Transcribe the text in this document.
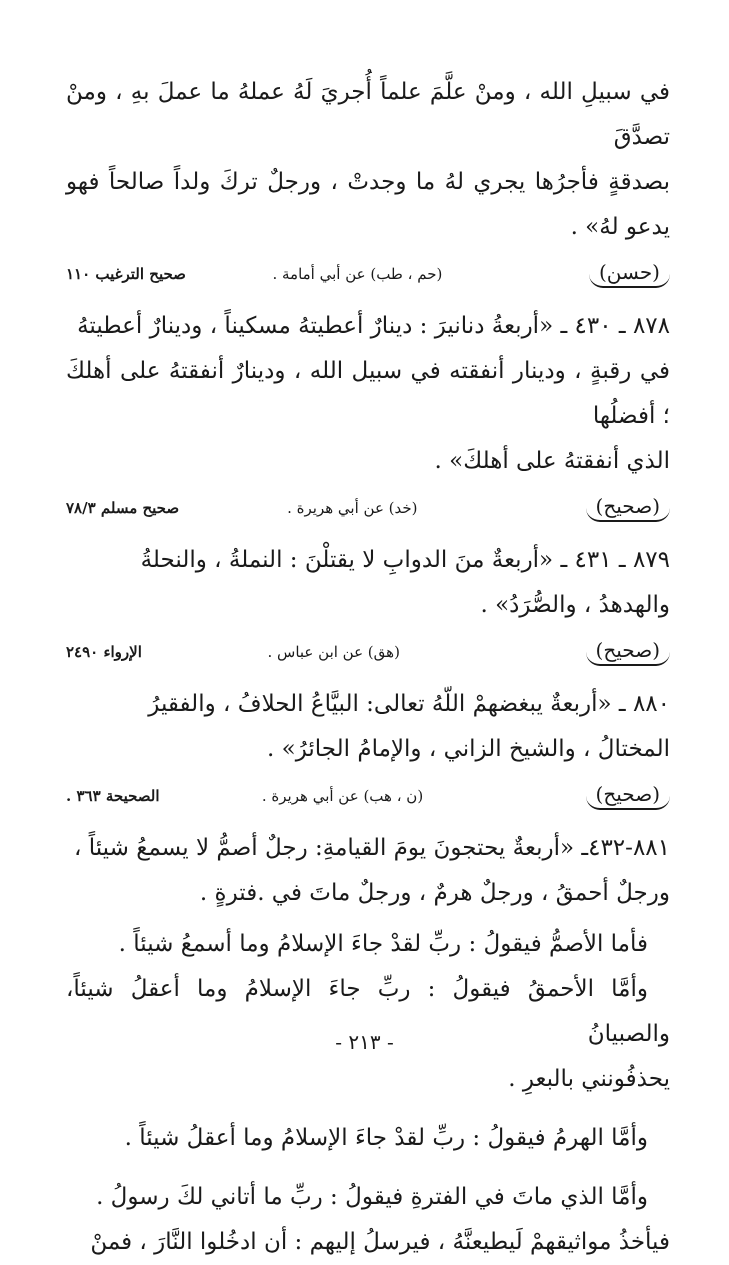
في سبيلِ الله ، ومنْ علَّمَ علماً أُجريَ لَهُ عملهُ ما عملَ بهِ ، ومنْ تصدَّقَ

بصدقةٍ فأجرُها يجري لهُ ما وجدتْ ، ورجلٌ تركَ ولداً صالحاً فهو يدعو لهُ» .

(حسن)
(حم ، طب) عن أبي أمامة .
صحيح الترغيب ١١٠

٨٧٨ ـ ٤٣٠ ـ «أربعةُ دنانيرَ : دينارٌ أعطيتهُ مسكيناً ، ودينارٌ أعطيتهُ

في رقبةٍ ، ودينار أنفقته في سبيل الله ، ودينارٌ أنفقتهُ على أهلكَ ؛ أفضلُها

الذي أنفقتهُ على أهلكَ» .

(صحيح)
(خد) عن أبي هريرة .
صحيح مسلم ٧٨/٣

٨٧٩ ـ ٤٣١ ـ «أربعةٌ منَ الدوابِ لا يقتلْنَ : النملةُ ، والنحلةُ

والهدهدُ ، والصُّرَدُ» .

(صحيح)
(هق) عن ابن عباس .
الإرواء ٢٤٩٠

٨٨٠ ـ «أربعةٌ يبغضهمْ اللّهُ تعالى: البيَّاعُ الحلافُ ، والفقيرُ

المختالُ ، والشيخ الزاني ، والإمامُ الجائرُ» .

(صحيح)
(ن ، هب) عن أبي هريرة .
الصحيحة ٣٦٣ .

٨٨١-٤٣٢ـ «أربعةٌ يحتجونَ يومَ القيامةِ: رجلٌ أصمُّ لا يسمعُ شيئاً ،

ورجلٌ أحمقُ ، ورجلٌ هرمٌ ، ورجلٌ ماتَ في .فترةٍ .

فأما الأصمُّ فيقولُ : ربِّ لقدْ جاءَ الإسلامُ وما أسمعُ شيئاً .

وأمَّا الأحمقُ فيقولُ : ربِّ جاءَ الإسلامُ وما أعقلُ شيئاً، والصبيانُ

يحذفُونني بالبعرِ .

وأمَّا الهرمُ فيقولُ : ربِّ لقدْ جاءَ الإسلامُ وما أعقلُ شيئاً .

وأمَّا الذي ماتَ في الفترةِ فيقولُ : ربِّ ما أتاني لكَ رسولُ .

فيأخذُ مواثيقهمْ لَيطيعنَّهُ ، فيرسلُ إليهم : أن ادخُلوا النَّارَ ، فمنْ

- ٢١٣ -
